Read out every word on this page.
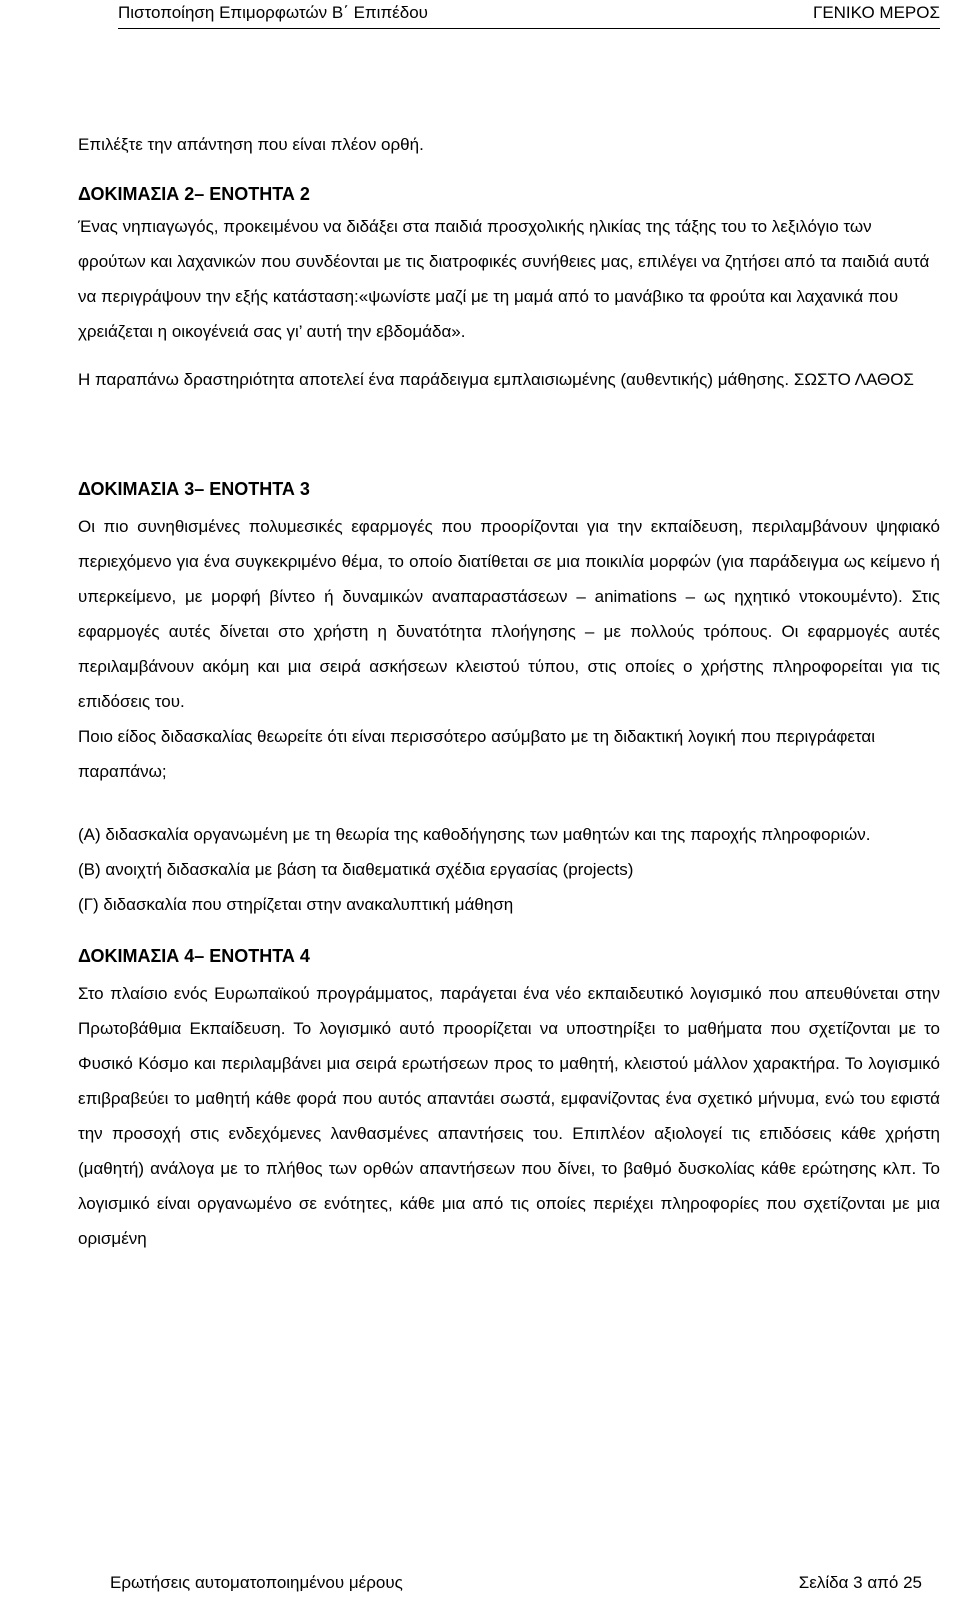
Πιστοποίηση Επιμορφωτών Β΄ Επιπέδου	ΓΕΝΙΚΟ ΜΕΡΟΣ

Επιλέξτε την απάντηση που είναι πλέον ορθή.

ΔΟΚΙΜΑΣΙΑ 2– ΕΝΟΤΗΤΑ 2

Ένας νηπιαγωγός, προκειμένου να διδάξει στα παιδιά προσχολικής ηλικίας της τάξης του το λεξιλόγιο των φρούτων και λαχανικών που συνδέονται με τις διατροφικές συνήθειες μας, επιλέγει να ζητήσει από τα παιδιά αυτά να περιγράψουν την εξής κατάσταση:«ψωνίστε μαζί με τη μαμά από το μανάβικο τα φρούτα και λαχανικά που χρειάζεται η οικογένειά σας γι’ αυτή την εβδομάδα».

Η παραπάνω δραστηριότητα αποτελεί ένα παράδειγμα εμπλαισιωμένης (αυθεντικής) μάθησης. ΣΩΣΤΟ ΛΑΘΟΣ

ΔΟΚΙΜΑΣΙΑ 3– ΕΝΟΤΗΤΑ 3

Οι πιο συνηθισμένες πολυμεσικές εφαρμογές που προορίζονται για την εκπαίδευση, περιλαμβάνουν ψηφιακό περιεχόμενο για ένα συγκεκριμένο θέμα, το οποίο διατίθεται σε μια ποικιλία μορφών (για παράδειγμα ως κείμενο ή υπερκείμενο, με μορφή βίντεο ή δυναμικών αναπαραστάσεων – animations – ως ηχητικό ντοκουμέντο). Στις εφαρμογές αυτές δίνεται στο χρήστη η δυνατότητα πλοήγησης – με πολλούς τρόπους. Οι εφαρμογές αυτές περιλαμβάνουν ακόμη και μια σειρά ασκήσεων κλειστού τύπου, στις οποίες ο χρήστης πληροφορείται για τις επιδόσεις του.

Ποιο είδος διδασκαλίας θεωρείτε ότι είναι περισσότερο ασύμβατο με τη διδακτική λογική που περιγράφεται παραπάνω;

(Α) διδασκαλία οργανωμένη με τη θεωρία της καθοδήγησης των μαθητών και της παροχής πληροφοριών.

(Β) ανοιχτή διδασκαλία με βάση τα διαθεματικά σχέδια εργασίας (projects)

(Γ) διδασκαλία που στηρίζεται στην ανακαλυπτική μάθηση

ΔΟΚΙΜΑΣΙΑ 4– ΕΝΟΤΗΤΑ 4

Στο πλαίσιο ενός Ευρωπαϊκού προγράμματος, παράγεται ένα νέο εκπαιδευτικό λογισμικό που απευθύνεται στην Πρωτοβάθμια Εκπαίδευση. Το λογισμικό αυτό προορίζεται να υποστηρίξει το μαθήματα που σχετίζονται με το Φυσικό Κόσμο και περιλαμβάνει μια σειρά ερωτήσεων προς το μαθητή, κλειστού μάλλον χαρακτήρα. Το λογισμικό επιβραβεύει το μαθητή κάθε φορά που αυτός απαντάει σωστά, εμφανίζοντας ένα σχετικό μήνυμα, ενώ του εφιστά την προσοχή στις ενδεχόμενες λανθασμένες απαντήσεις του. Επιπλέον αξιολογεί τις επιδόσεις κάθε χρήστη (μαθητή) ανάλογα με το πλήθος των ορθών απαντήσεων που δίνει, το βαθμό δυσκολίας κάθε ερώτησης κλπ. Το λογισμικό είναι οργανωμένο σε ενότητες, κάθε μια από τις οποίες περιέχει πληροφορίες που σχετίζονται με μια ορισμένη

Ερωτήσεις αυτοματοποιημένου μέρους	Σελίδα 3 από 25
